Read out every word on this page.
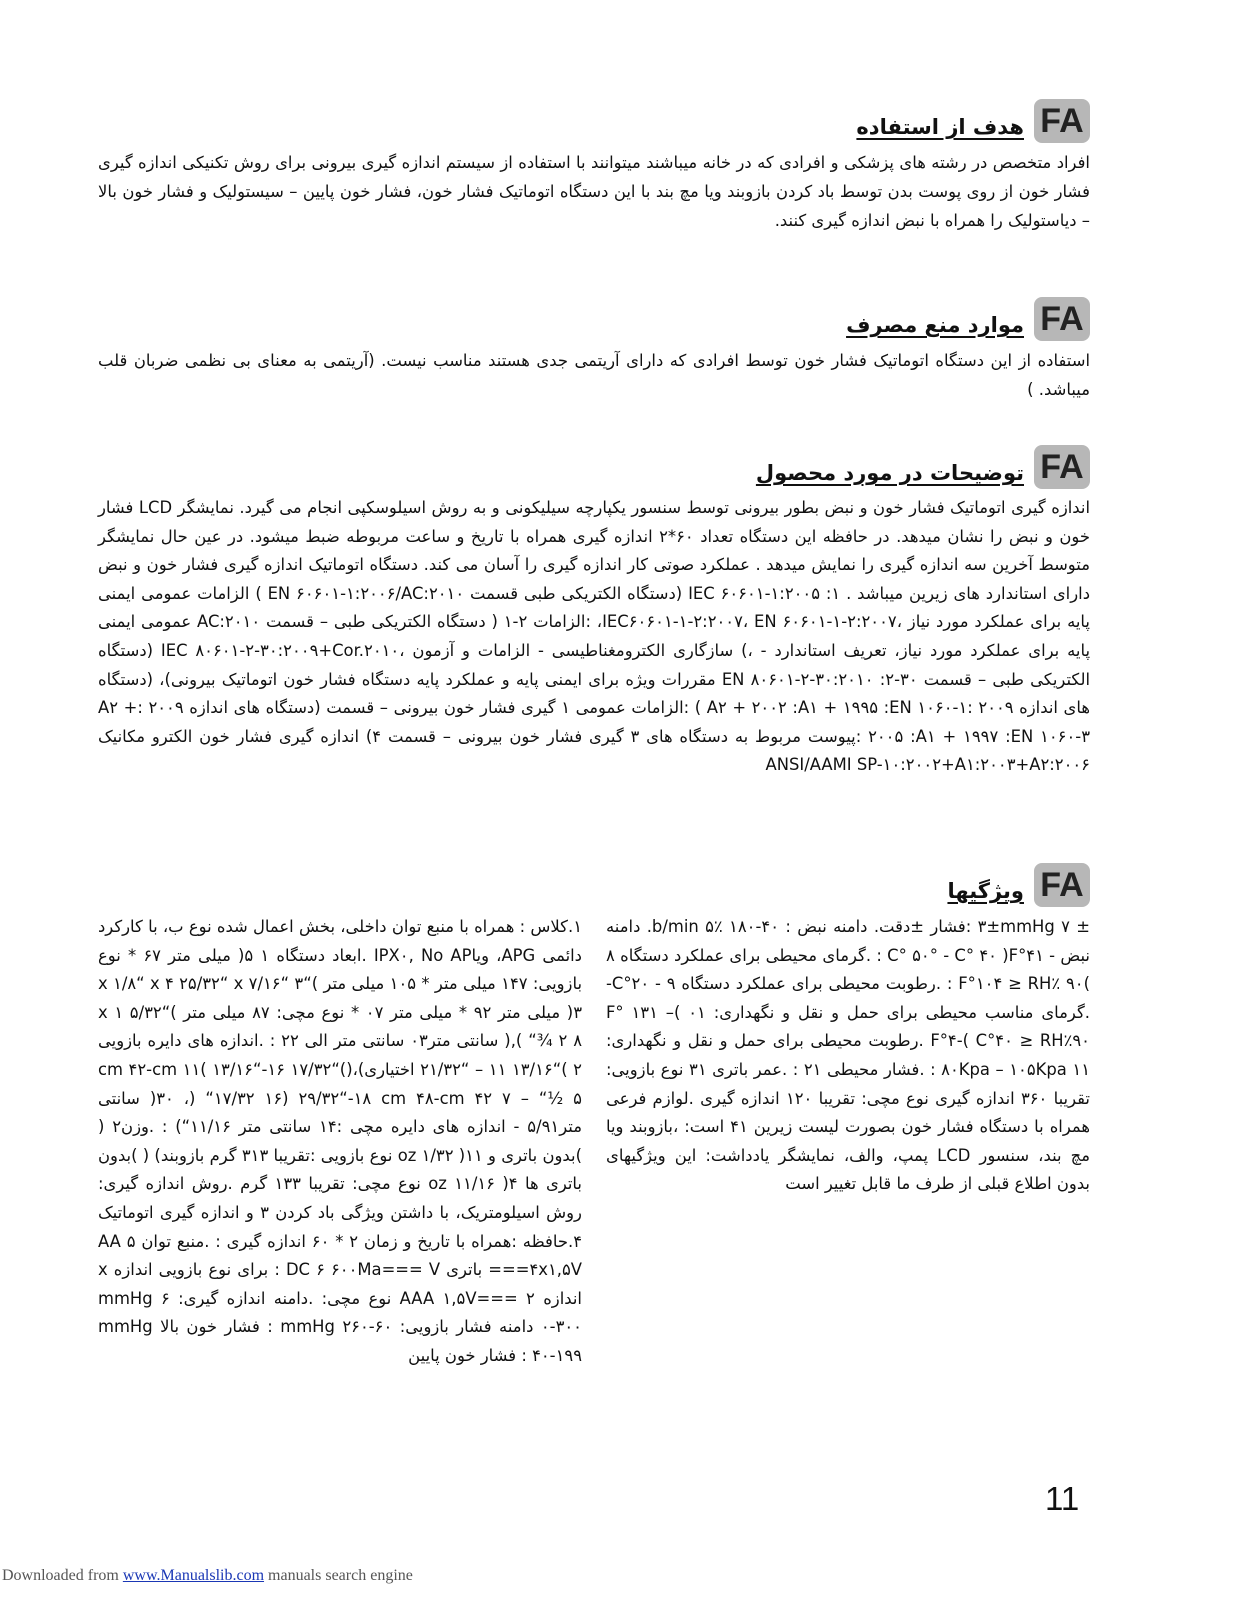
FA
هدف از استفاده

افراد متخصص در رشته های پزشکی و افرادی که در خانه میباشند میتوانند با استفاده از سیستم اندازه گیری بیرونی برای روش تکنیکی اندازه گیری فشار خون از روی پوست بدن توسط باد کردن بازوبند ویا مچ بند با این دستگاه اتوماتیک فشار خون، فشار خون پایین – سیستولیک و فشار خون بالا – دیاستولیک را همراه با نبض اندازه گیری کنند.

FA
موارد منع مصرف

استفاده از این دستگاه اتوماتیک فشار خون توسط افرادی که دارای آریتمی جدی هستند مناسب نیست. (آریتمی به معنای بی نظمی ضربان قلب میباشد. )

FA
توضیحات در مورد محصول

اندازه گیری اتوماتیک فشار خون و نبض بطور بیرونی توسط سنسور یکپارچه سیلیکونی و به روش اسیلوسکپی انجام می گیرد. نمایشگر LCD فشار خون و نبض را نشان میدهد. در حافظه این دستگاه تعداد ۶۰*۲ اندازه گیری همراه با تاریخ و ساعت مربوطه ضبط میشود. در عین حال نمایشگر متوسط آخرین سه اندازه گیری را نمایش میدهد . عملکرد صوتی کار اندازه گیری را آسان می کند. دستگاه اتوماتیک اندازه گیری فشار خون و نبض دارای استاندارد های زیرین میباشد . IEC ۶۰۶۰۱-۱:۲۰۰۵ :۱ (دستگاه الکتریکی طبی قسمت EN ۶۰۶۰۱-۱:۲۰۰۶/AC:۲۰۱۰ ) الزامات عمومی ایمنی پایه برای عملکرد مورد نیاز ،IEC۶۰۶۰۱-۱-۲:۲۰۰۷، EN ۶۰۶۰۱-۱-۲:۲۰۰۷، :الزامات ۲-۱ ( دستگاه الکتریکی طبی – قسمت AC:۲۰۱۰ عمومی ایمنی پایه برای عملکرد مورد نیاز، تعریف استاندارد - ،) سازگاری الکترومغناطیسی - الزامات و آزمون ،IEC ۸۰۶۰۱-۲-۳۰:۲۰۰۹+Cor.۲۰۱۰ (دستگاه الکتریکی طبی – قسمت ۳۰-۲: EN ۸۰۶۰۱-۲-۳۰:۲۰۱۰ مقررات ویژه برای ایمنی پایه و عملکرد پایه دستگاه فشار خون اتوماتیک بیرونی)، (دستگاه های اندازه ۲۰۰۹ :A۲ + ۲۰۰۲ :A۱ + ۱۹۹۵ :EN ۱۰۶۰-۱ ) :الزامات عمومی ۱ گیری فشار خون بیرونی – قسمت (دستگاه های اندازه ۲۰۰۹ :A۲ + ۲۰۰۵ :A۱ + ۱۹۹۷ :EN ۱۰۶۰-۳ :پیوست مربوط به دستگاه های ۳ گیری فشار خون بیرونی – قسمت ۴) اندازه گیری فشار خون الکترو مکانیک ANSI/AAMI SP-۱۰:۲۰۰۲+A۱:۲۰۰۳+A۲:۲۰۰۶

FA
ویژگیها
± ۳±mmHg ۷ :فشار ±دقت. دامنه نبض : ۴۰-۱۸۰ b/min ۵٪. دامنه نبض - F°۴۱( C° ۵۰° - C° ۴۰ : .گرمای محیطی برای عملکرد دستگاه ۸ )F°۱۰۴ ≥ RH٪ ۹۰ : .رطوبت محیطی برای عملکرد دستگاه ۹ - C°۲۰- .گرمای مناسب محیطی برای حمل و نقل و نگهداری: ۰۱ )F° ۱۳۱ – F°۴-( C°۴۰ ≥ RH٪۹۰ .رطوبت محیطی برای حمل و نقل و نگهداری: ۱۱ ۸۰Kpa – ۱۰۵Kpa : .فشار محیطی ۲۱ : .عمر باتری ۳۱ نوع بازویی: تقریبا ۳۶۰ اندازه گیری نوع مچی: تقریبا ۱۲۰ اندازه گیری .لوازم فرعی همراه با دستگاه فشار خون بصورت لیست زیرین ۴۱ است: ،بازوبند ویا مچ بند، سنسور LCD پمپ، والف، نمایشگر یادداشت: این ویژگیهای بدون اطلاع قبلی از طرف ما قابل تغییر است
۱.کلاس : همراه با منبع توان داخلی، بخش اعمال شده نوع ب، با کارکرد دائمی APG، ویاIPX۰, No AP .ابعاد دستگاه ۱ ۵( میلی متر ۶۷ * نوع بازویی: ۱۴۷ میلی متر * ۱۰۵ میلی متر )“۳ x ۱/۸“ x ۴ ۲۵/۳۲“ x ۷/۱۶“ ۳( میلی متر ۹۲ * میلی متر ۰۷ * نوع مچی: ۸۷ میلی متر )“۵/۳۲ x ۱ “¾ ۲ ۸ ),( سانتی متر۰۳ سانتی متر الی ۲۲ : .اندازه های دایره بازویی ۲ )“۱۳/۱۶ ۱۱ – “۲۱/۳۲ اختیاری)،()“۱۷/۳۲ ۱۶-“۱۳/۱۶ )۱۱ cm ۴۲-cm ۳۰ ،) “۱۷/۳۲ ۱۶) ۲۹/۳۲“-۱۸ cm ۴۸-cm ۴۲ ۷ – “½ ۵( سانتی متر۵/۹۱ - اندازه های دایره مچی :۱۴ سانتی متر ۱۱/۱۶“) : .وزن۲ ( )بدون باتری و oz ۱/۳۲ )۱۱ نوع بازویی :تقریبا ۳۱۳ گرم بازوبند) ( )بدون باتری ها oz ۱۱/۱۶ )۴ نوع مچی: تقریبا ۱۳۳ گرم .روش اندازه گیری: روش اسیلومتریک، با داشتن ویژگی باد کردن ۳ و اندازه گیری اتوماتیک ۴.حافظه :همراه با تاریخ و زمان ۲ * ۶۰ اندازه گیری : .منبع توان ۵ AA ۴x۱,۵V=== باتری DC ۶ ۶۰۰Ma=== V : برای نوع بازویی اندازه x اندازه AAA ۱,۵V=== ۲ نوع مچی: .دامنه اندازه گیری: ۶ mmHg ۰-۳۰۰ دامنه فشار بازویی: mmHg ۲۶۰-۶۰ : فشار خون بالا mmHg ۴۰-۱۹۹ : فشار خون پایین
11
Downloaded from www.Manualslib.com manuals search engine
